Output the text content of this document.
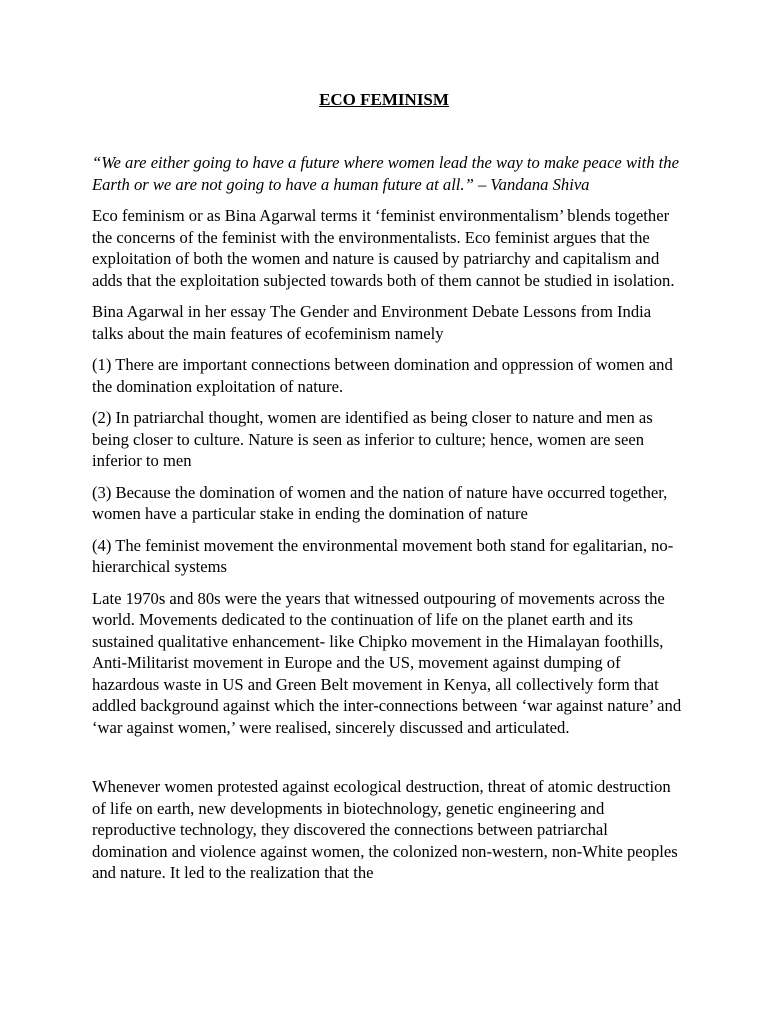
ECO FEMINISM

“We are either going to have a future where women lead the way to make peace with the Earth or we are not going to have a human future at all.” – Vandana Shiva

Eco feminism or as Bina Agarwal terms it ‘feminist environmentalism’ blends together the concerns of the feminist with the environmentalists. Eco feminist argues that the exploitation of both the women and nature is caused by patriarchy and capitalism and adds that the exploitation subjected towards both of them cannot be studied in isolation.

Bina Agarwal in her essay The Gender and Environment Debate Lessons from India talks about the main features of ecofeminism namely

(1) There are important connections between domination and oppression of women and the domination exploitation of nature.

(2) In patriarchal thought, women are identified as being closer to nature and men as being closer to culture. Nature is seen as inferior to culture; hence, women are seen inferior to men

(3) Because the domination of women and the nation of nature have occurred together, women have a particular stake in ending the domination of nature

(4) The feminist movement the environmental movement both stand for egalitarian, no-hierarchical systems

Late 1970s and 80s were the years that witnessed outpouring of movements across the world. Movements dedicated to the continuation of life on the planet earth and its sustained qualitative enhancement- like Chipko movement in the Himalayan foothills, Anti-Militarist movement in Europe and the US, movement against dumping of hazardous waste in US and Green Belt movement in Kenya, all collectively form that addled background against which the inter-connections between ‘war against nature’ and ‘war against women,’ were realised, sincerely discussed and articulated.

Whenever women protested against ecological destruction, threat of atomic destruction of life on earth, new developments in biotechnology, genetic engineering and reproductive technology, they discovered the connections between patriarchal domination and violence against women, the colonized non-western, non-White peoples and nature. It led to the realization that the
